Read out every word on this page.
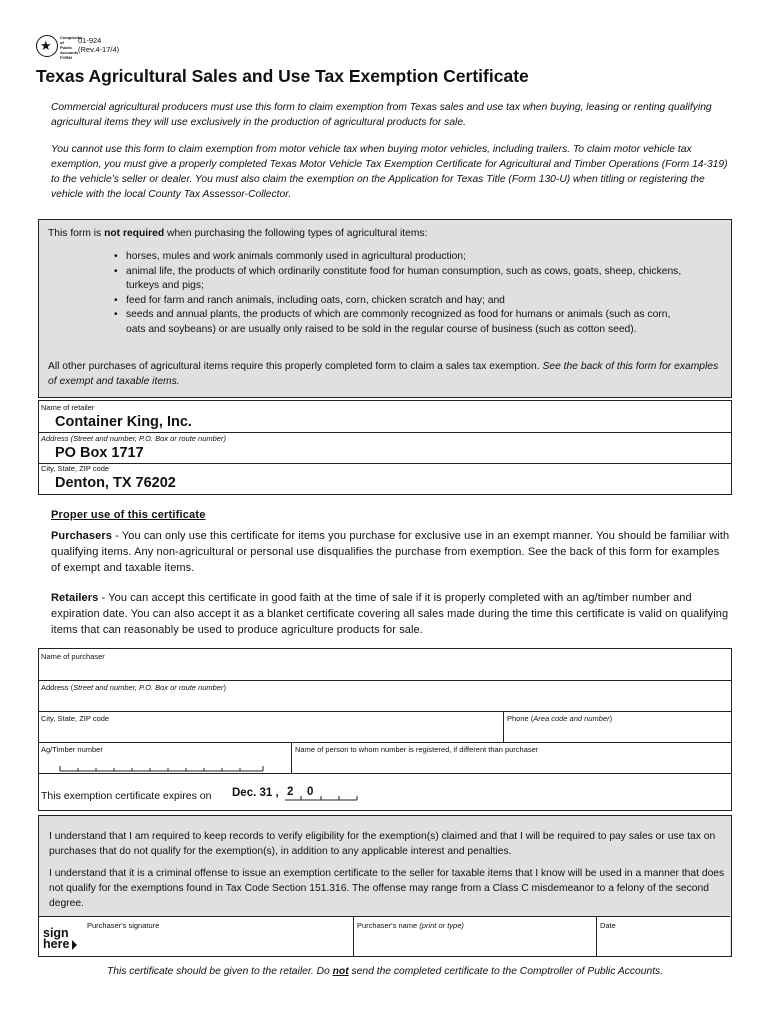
★
Comptroller
of Public
Accounts
FORM
01-924
(Rev.4-17/4)
Texas Agricultural Sales and Use Tax Exemption Certificate
Commercial agricultural producers must use this form to claim exemption from Texas sales and use tax when buying, leasing or renting qualifying agricultural items they will use exclusively in the production of agricultural products for sale.
You cannot use this form to claim exemption from motor vehicle tax when buying motor vehicles, including trailers. To claim motor vehicle tax exemption, you must give a properly completed Texas Motor Vehicle Tax Exemption Certificate for Agricultural and Timber Operations (Form 14-319) to the vehicle’s seller or dealer. You must also claim the exemption on the Application for Texas Title (Form 130-U) when titling or registering the vehicle with the local County Tax Assessor-Collector.
This form is not required when purchasing the following types of agricultural items:
• horses, mules and work animals commonly used in agricultural production;
• animal life, the products of which ordinarily constitute food for human consumption, such as cows, goats, sheep, chickens, turkeys and pigs;
• feed for farm and ranch animals, including oats, corn, chicken scratch and hay; and
• seeds and annual plants, the products of which are commonly recognized as food for humans or animals (such as corn, oats and soybeans) or are usually only raised to be sold in the regular course of business (such as cotton seed).
All other purchases of agricultural items require this properly completed form to claim a sales tax exemption. See the back of this form for examples of exempt and taxable items.
Name of retailer
Container King, Inc.
Address (Street and number, P.O. Box or route number)
PO Box 1717
City, State, ZIP code
Denton, TX 76202
Proper use of this certificate
Purchasers - You can only use this certificate for items you purchase for exclusive use in an exempt manner. You should be familiar with qualifying items. Any non-agricultural or personal use disqualifies the purchase from exemption. See the back of this form for examples of exempt and taxable items.
Retailers - You can accept this certificate in good faith at the time of sale if it is properly completed with an ag/timber number and expiration date. You can also accept it as a blanket certificate covering all sales made during the time this certificate is valid on qualifying items that can reasonably be used to produce agriculture products for sale.
Name of purchaser
Address (Street and number, P.O. Box or route number)
City, State, ZIP code	Phone (Area code and number)
Ag/Timber number	Name of person to whom number is registered, if different than purchaser
This exemption certificate expires on Dec. 31 , 2 0
I understand that I am required to keep records to verify eligibility for the exemption(s) claimed and that I will be required to pay sales or use tax on purchases that do not qualify for the exemption(s), in addition to any applicable interest and penalties.
I understand that it is a criminal offense to issue an exemption certificate to the seller for taxable items that I know will be used in a manner that does not qualify for the exemptions found in Tax Code Section 151.316. The offense may range from a Class C misdemeanor to a felony of the second degree.
sign
here
Purchaser's signature	Purchaser's name (print or type)	Date
This certificate should be given to the retailer. Do not send the completed certificate to the Comptroller of Public Accounts.
